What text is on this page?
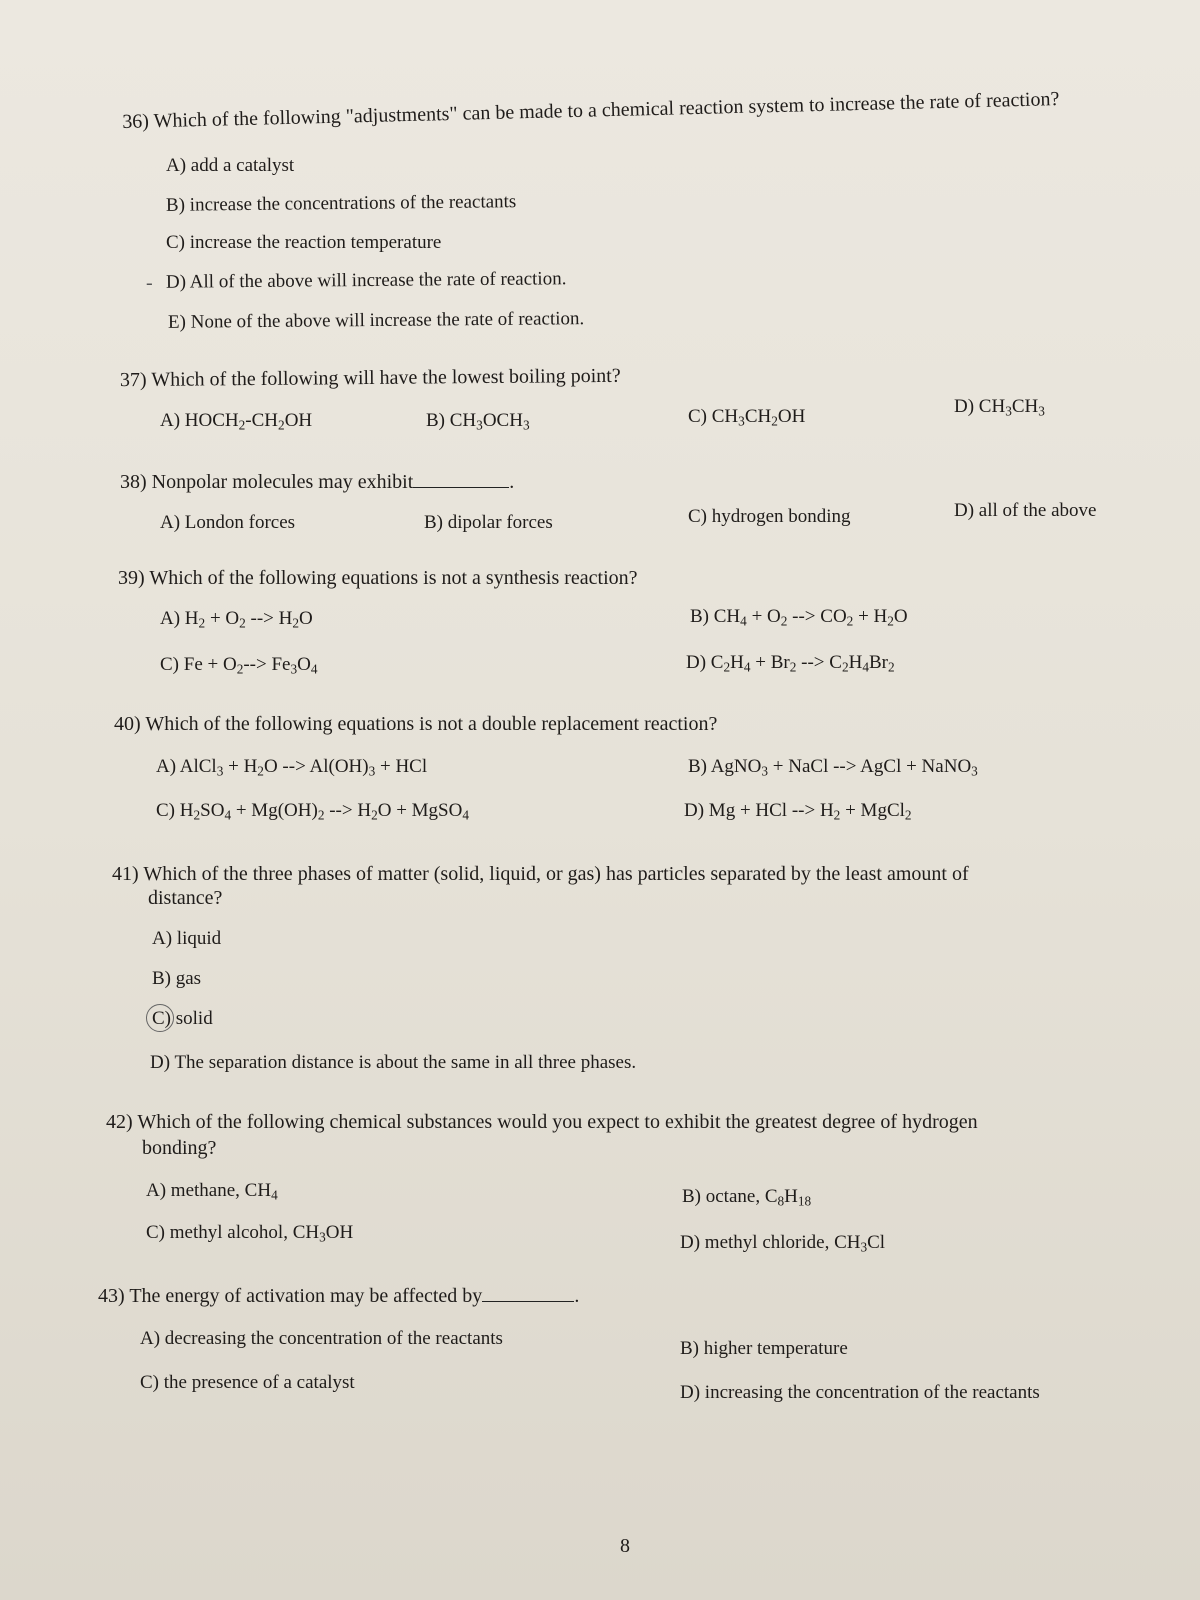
36) Which of the following "adjustments" can be made to a chemical reaction system to increase the rate of reaction?
A) add a catalyst
B) increase the concentrations of the reactants
C) increase the reaction temperature
- D) All of the above will increase the rate of reaction.
E) None of the above will increase the rate of reaction.
37) Which of the following will have the lowest boiling point?
A) $HOCH_2-CH_2OH$	B) $CH_3OCH_3$	C) $CH_3CH_2OH$	D) $CH_3CH_3$
38) Nonpolar molecules may exhibit	.
A) London forces	B) dipolar forces	C) hydrogen bonding	D) all of the above
39) Which of the following equations is not a synthesis reaction?
A) $H_2 + O_2$ --> $H_2O$	B) $CH_4 + O_2$ --> $CO_2 + H_2O$
C) $Fe + O_2--> Fe_3O_4$	D) $C_2H_4 + Br_2$ --> $C_2H_4Br_2$
40) Which of the following equations is not a double replacement reaction?
A) AlCl$_3$ + $H_2O$ --> $Al(OH)_3$ + HCl	B) AgNO$_3$ + NaCl --> AgCl + NaNO$_3$
C) $H_2SO_4 + Mg(OH)_2$ --> $H_2O$ + MgSO$_4$	D) Mg + HCl --> $H_2$ + MgCl$_2$
41) Which of the three phases of matter (solid, liquid, or gas) has particles separated by the least amount of
distance?
A) liquid
B) gas
C) solid
D) The separation distance is about the same in all three phases.
42) Which of the following chemical substances would you expect to exhibit the greatest degree of hydrogen
bonding?
A) methane, $CH_4$	B) octane, $C_8H_{18}$
C) methyl alcohol, $CH_3OH$	D) methyl chloride, $CH_3Cl$
43) The energy of activation may be affected by	.
A) decreasing the concentration of the reactants	B) higher temperature
C) the presence of a catalyst	D) increasing the concentration of the reactants
8
